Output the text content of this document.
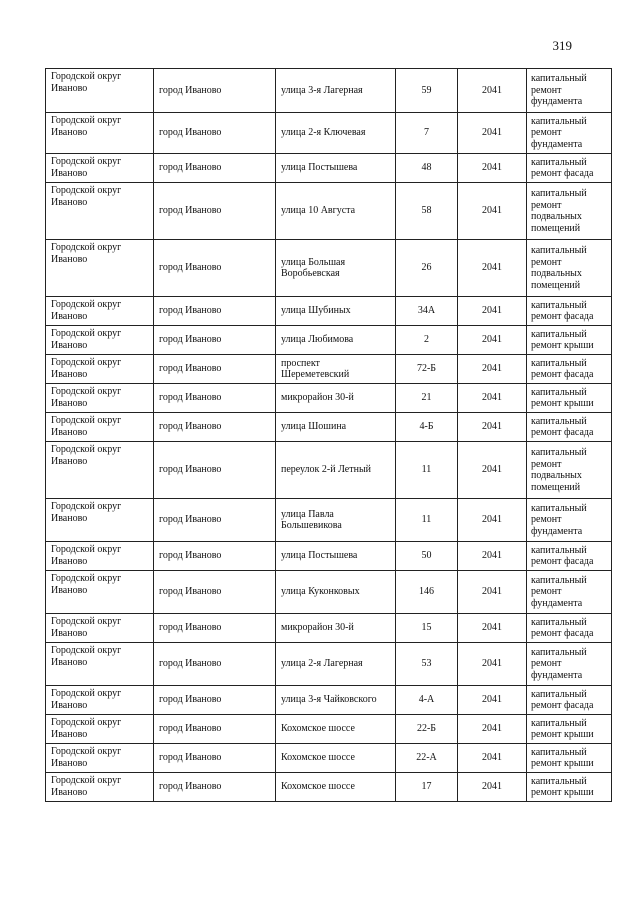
319
Городской округ Иваново	город Иваново	улица 3-я Лагерная	59	2041	капитальный ремонт фундамента
Городской округ Иваново	город Иваново	улица 2-я Ключевая	7	2041	капитальный ремонт фундамента
Городской округ Иваново	город Иваново	улица Постышева	48	2041	капитальный ремонт фасада
Городской округ Иваново	город Иваново	улица 10 Августа	58	2041	капитальный ремонт подвальных помещений
Городской округ Иваново	город Иваново	улица Большая Воробьевская	26	2041	капитальный ремонт подвальных помещений
Городской округ Иваново	город Иваново	улица Шубиных	34А	2041	капитальный ремонт фасада
Городской округ Иваново	город Иваново	улица Любимова	2	2041	капитальный ремонт крыши
Городской округ Иваново	город Иваново	проспект Шереметевский	72-Б	2041	капитальный ремонт фасада
Городской округ Иваново	город Иваново	микрорайон 30-й	21	2041	капитальный ремонт крыши
Городской округ Иваново	город Иваново	улица Шошина	4-Б	2041	капитальный ремонт фасада
Городской округ Иваново	город Иваново	переулок 2-й Летный	11	2041	капитальный ремонт подвальных помещений
Городской округ Иваново	город Иваново	улица Павла Большевикова	11	2041	капитальный ремонт фундамента
Городской округ Иваново	город Иваново	улица Постышева	50	2041	капитальный ремонт фасада
Городской округ Иваново	город Иваново	улица Куконковых	146	2041	капитальный ремонт фундамента
Городской округ Иваново	город Иваново	микрорайон 30-й	15	2041	капитальный ремонт фасада
Городской округ Иваново	город Иваново	улица 2-я Лагерная	53	2041	капитальный ремонт фундамента
Городской округ Иваново	город Иваново	улица 3-я Чайковского	4-А	2041	капитальный ремонт фасада
Городской округ Иваново	город Иваново	Кохомское шоссе	22-Б	2041	капитальный ремонт крыши
Городской округ Иваново	город Иваново	Кохомское шоссе	22-А	2041	капитальный ремонт крыши
Городской округ Иваново	город Иваново	Кохомское шоссе	17	2041	капитальный ремонт крыши
